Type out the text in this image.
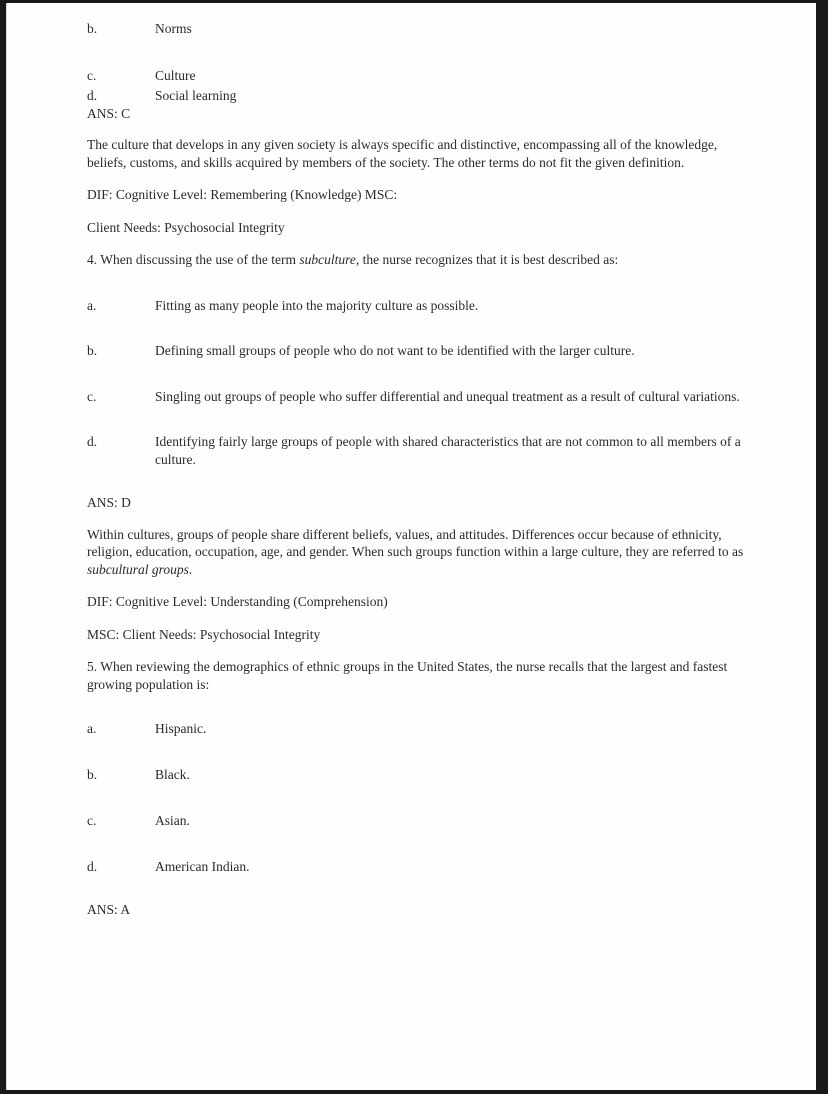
b.	Norms
c.	Culture
d.	Social learning

ANS: C

The culture that develops in any given society is always specific and distinctive, encompassing all of the knowledge, beliefs, customs, and skills acquired by members of the society. The other terms do not fit the given definition.

DIF: Cognitive Level: Remembering (Knowledge) MSC:

Client Needs: Psychosocial Integrity

4. When discussing the use of the term subculture, the nurse recognizes that it is best described as:

a.	Fitting as many people into the majority culture as possible.
b.	Defining small groups of people who do not want to be identified with the larger culture.
c.	Singling out groups of people who suffer differential and unequal treatment as a result of cultural variations.
d.	Identifying fairly large groups of people with shared characteristics that are not common to all members of a culture.

ANS: D

Within cultures, groups of people share different beliefs, values, and attitudes. Differences occur because of ethnicity, religion, education, occupation, age, and gender. When such groups function within a large culture, they are referred to as subcultural groups.

DIF: Cognitive Level: Understanding (Comprehension)

MSC: Client Needs: Psychosocial Integrity

5. When reviewing the demographics of ethnic groups in the United States, the nurse recalls that the largest and fastest growing population is:

a.	Hispanic.
b.	Black.
c.	Asian.
d.	American Indian.

ANS: A
